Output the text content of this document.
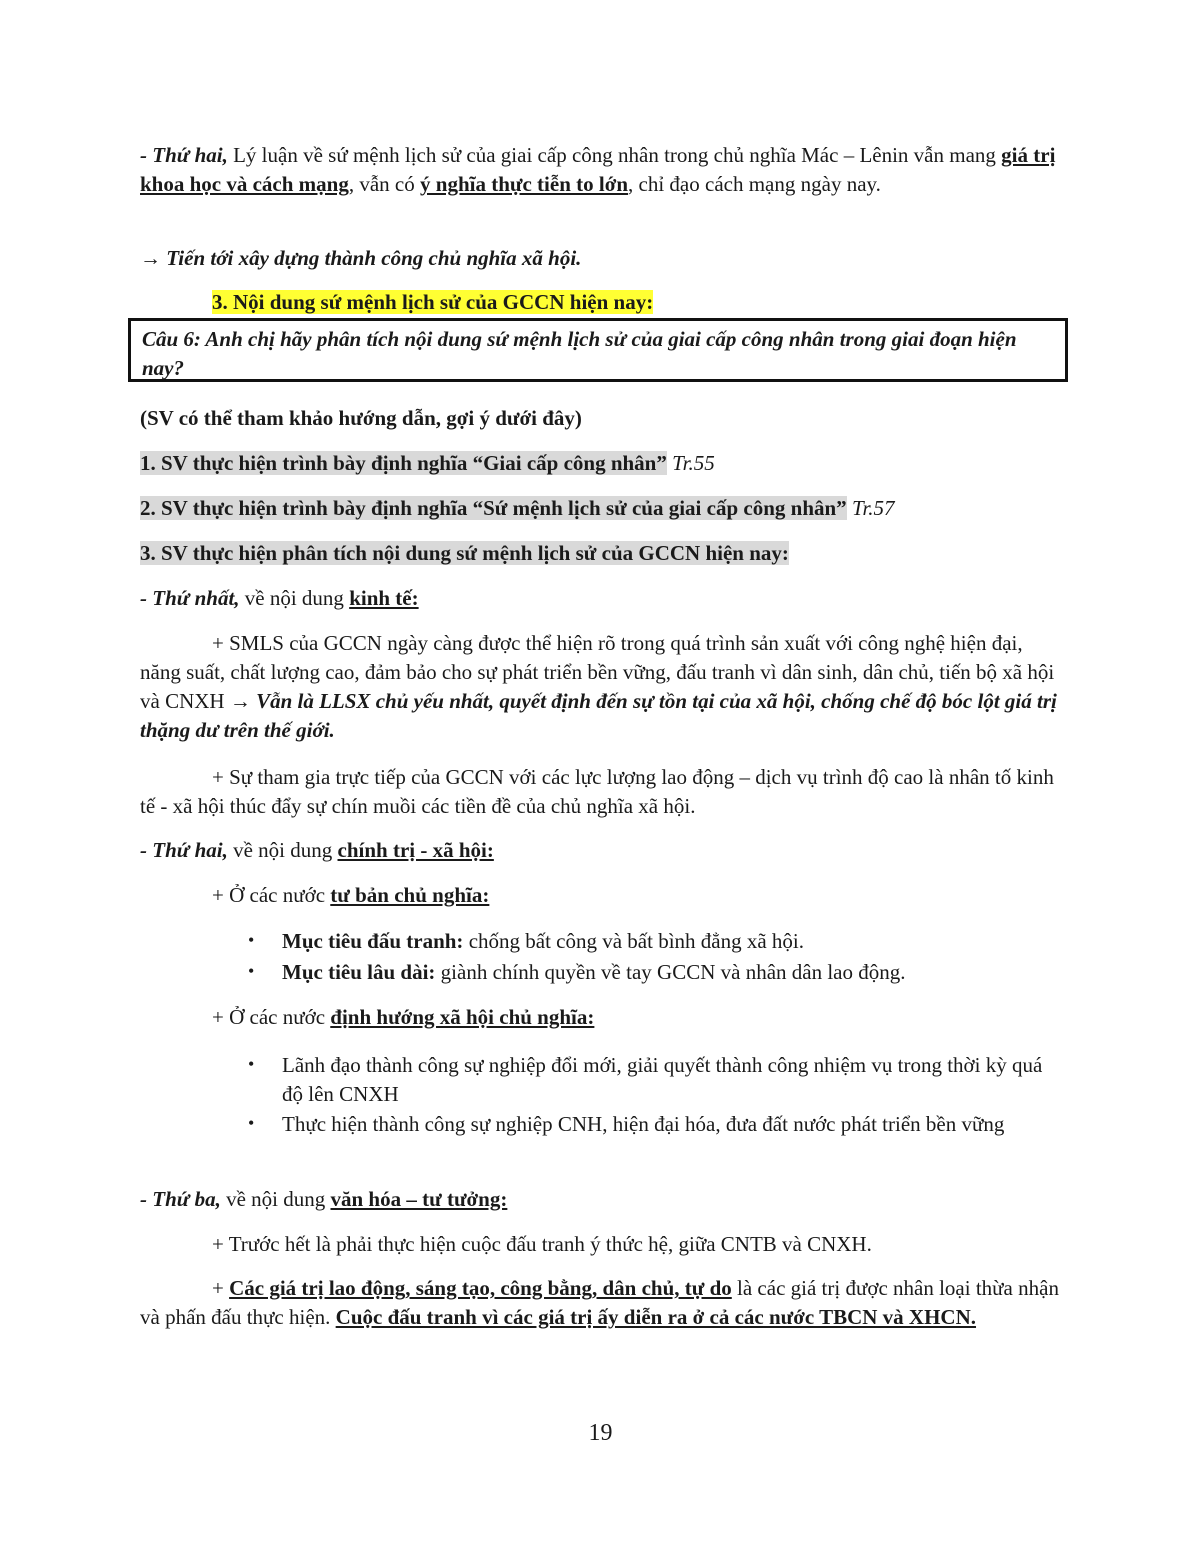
- Thứ hai, Lý luận về sứ mệnh lịch sử của giai cấp công nhân trong chủ nghĩa Mác – Lênin vẫn mang giá trị khoa học và cách mạng, vẫn có ý nghĩa thực tiễn to lớn, chỉ đạo cách mạng ngày nay.

→ Tiến tới xây dựng thành công chủ nghĩa xã hội.

3. Nội dung sứ mệnh lịch sử của GCCN hiện nay:

Câu 6: Anh chị hãy phân tích nội dung sứ mệnh lịch sử của giai cấp công nhân trong giai đoạn hiện nay?

(SV có thể tham khảo hướng dẫn, gợi ý dưới đây)

1. SV thực hiện trình bày định nghĩa “Giai cấp công nhân” Tr.55

2. SV thực hiện trình bày định nghĩa “Sứ mệnh lịch sử của giai cấp công nhân” Tr.57

3. SV thực hiện phân tích nội dung sứ mệnh lịch sử của GCCN hiện nay:

- Thứ nhất, về nội dung kinh tế:

+ SMLS của GCCN ngày càng được thể hiện rõ trong quá trình sản xuất với công nghệ hiện đại, năng suất, chất lượng cao, đảm bảo cho sự phát triển bền vững, đấu tranh vì dân sinh, dân chủ, tiến bộ xã hội và CNXH → Vẫn là LLSX chủ yếu nhất, quyết định đến sự tồn tại của xã hội, chống chế độ bóc lột giá trị thặng dư trên thế giới.

+ Sự tham gia trực tiếp của GCCN với các lực lượng lao động – dịch vụ trình độ cao là nhân tố kinh tế - xã hội thúc đẩy sự chín muồi các tiền đề của chủ nghĩa xã hội.

- Thứ hai, về nội dung chính trị - xã hội:

+ Ở các nước tư bản chủ nghĩa:

• Mục tiêu đấu tranh: chống bất công và bất bình đẳng xã hội.

• Mục tiêu lâu dài: giành chính quyền về tay GCCN và nhân dân lao động.

+ Ở các nước định hướng xã hội chủ nghĩa:

• Lãnh đạo thành công sự nghiệp đổi mới, giải quyết thành công nhiệm vụ trong thời kỳ quá độ lên CNXH

• Thực hiện thành công sự nghiệp CNH, hiện đại hóa, đưa đất nước phát triển bền vững

- Thứ ba, về nội dung văn hóa – tư tưởng:

+ Trước hết là phải thực hiện cuộc đấu tranh ý thức hệ, giữa CNTB và CNXH.

+ Các giá trị lao động, sáng tạo, công bằng, dân chủ, tự do là các giá trị được nhân loại thừa nhận và phấn đấu thực hiện. Cuộc đấu tranh vì các giá trị ấy diễn ra ở cả các nước TBCN và XHCN.

19
